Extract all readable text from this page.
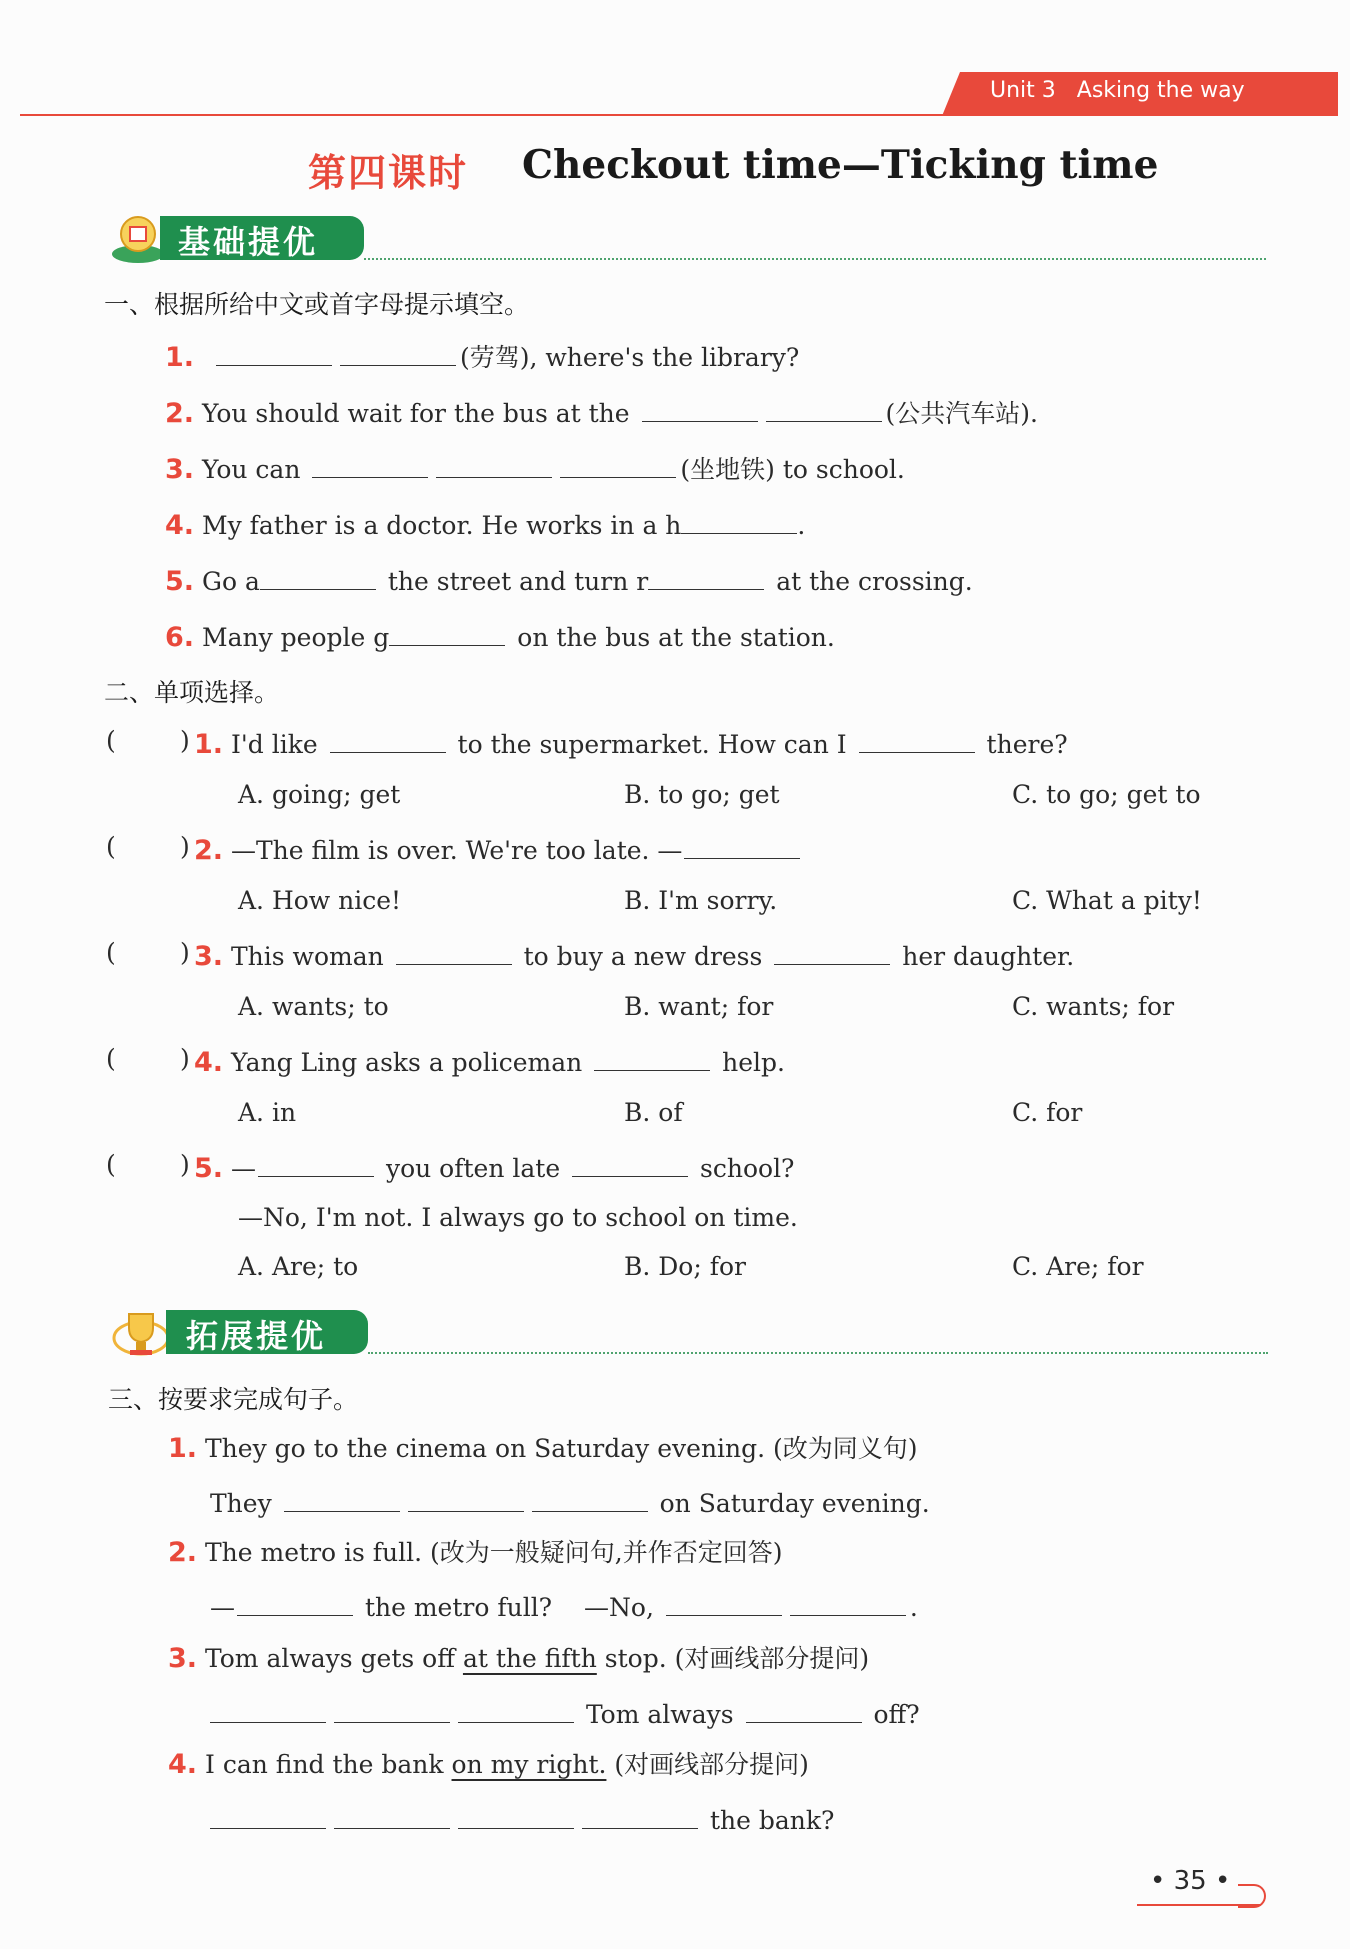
Unit 3 Asking the way
第四课时 Checkout time—Ticking time
基础提优
一、根据所给中文或首字母提示填空。
1.	(劳驾), where's the library?
2. You should wait for the bus at the	(公共汽车站).
3. You can	(坐地铁) to school.
4. My father is a doctor. He works in a h	.
5. Go a	the street and turn r	at the crossing.
6. Many people g	on the bus at the station.
二、单项选择。
(	) 1. I'd like	to the supermarket. How can I	there?
A. going; get	B. to go; get	C. to go; get to
(	) 2. —The film is over. We're too late. —
A. How nice!	B. I'm sorry.	C. What a pity!
(	) 3. This woman	to buy a new dress	her daughter.
A. wants; to	B. want; for	C. wants; for
(	) 4. Yang Ling asks a policeman	help.
A. in	B. of	C. for
(	) 5. —	you often late	school?
—No, I'm not. I always go to school on time.
A. Are; to	B. Do; for	C. Are; for
拓展提优
三、按要求完成句子。
1. They go to the cinema on Saturday evening. (改为同义句)
They	on Saturday evening.
2. The metro is full. (改为一般疑问句,并作否定回答)
—	the metro full? —No,	.
3. Tom always gets off at the fifth stop. (对画线部分提问)
Tom always	off?
4. I can find the bank on my right. (对画线部分提问)
the bank?
• 35 •
